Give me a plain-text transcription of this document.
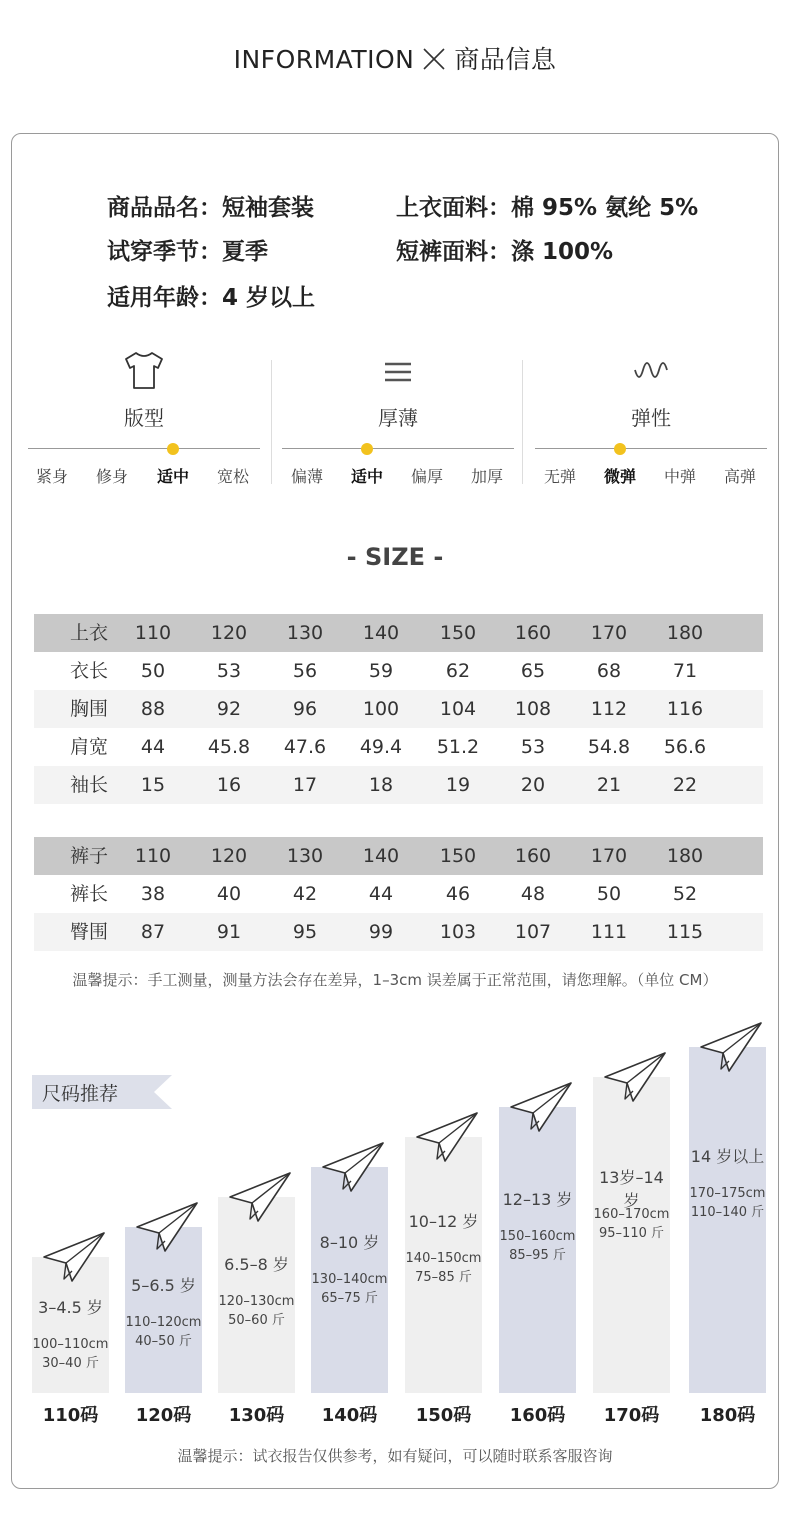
INFORMATION 商品信息
商品品名：短袖套装	上衣面料：棉 95% 氨纶 5%
试穿季节：夏季	短裤面料：涤 100%
适用年龄：4 岁以上
版型
紧身	修身	适中	宽松
厚薄
偏薄	适中	偏厚	加厚
弹性
无弹	微弹	中弹	高弹
- SIZE -
上衣	110	120	130	140	150	160	170	180
衣长	50	53	56	59	62	65	68	71
胸围	88	92	96	100	104	108	112	116
肩宽	44	45.8	47.6	49.4	51.2	53	54.8	56.6
袖长	15	16	17	18	19	20	21	22
裤子	110	120	130	140	150	160	170	180
裤长	38	40	42	44	46	48	50	52
臀围	87	91	95	99	103	107	111	115
温馨提示：手工测量，测量方法会存在差异，1–3cm 误差属于正常范围，请您理解。（单位 CM）
尺码推荐
3–4.5 岁
100–110cm
30–40 斤
110码
5–6.5 岁
110–120cm
40–50 斤
120码
6.5–8 岁
120–130cm
50–60 斤
130码
8–10 岁
130–140cm
65–75 斤
140码
10–12 岁
140–150cm
75–85 斤
150码
12–13 岁
150–160cm
85–95 斤
160码
13岁–14岁
160–170cm
95–110 斤
170码
14 岁以上
170–175cm
110–140 斤
180码
温馨提示：试衣报告仅供参考，如有疑问，可以随时联系客服咨询
